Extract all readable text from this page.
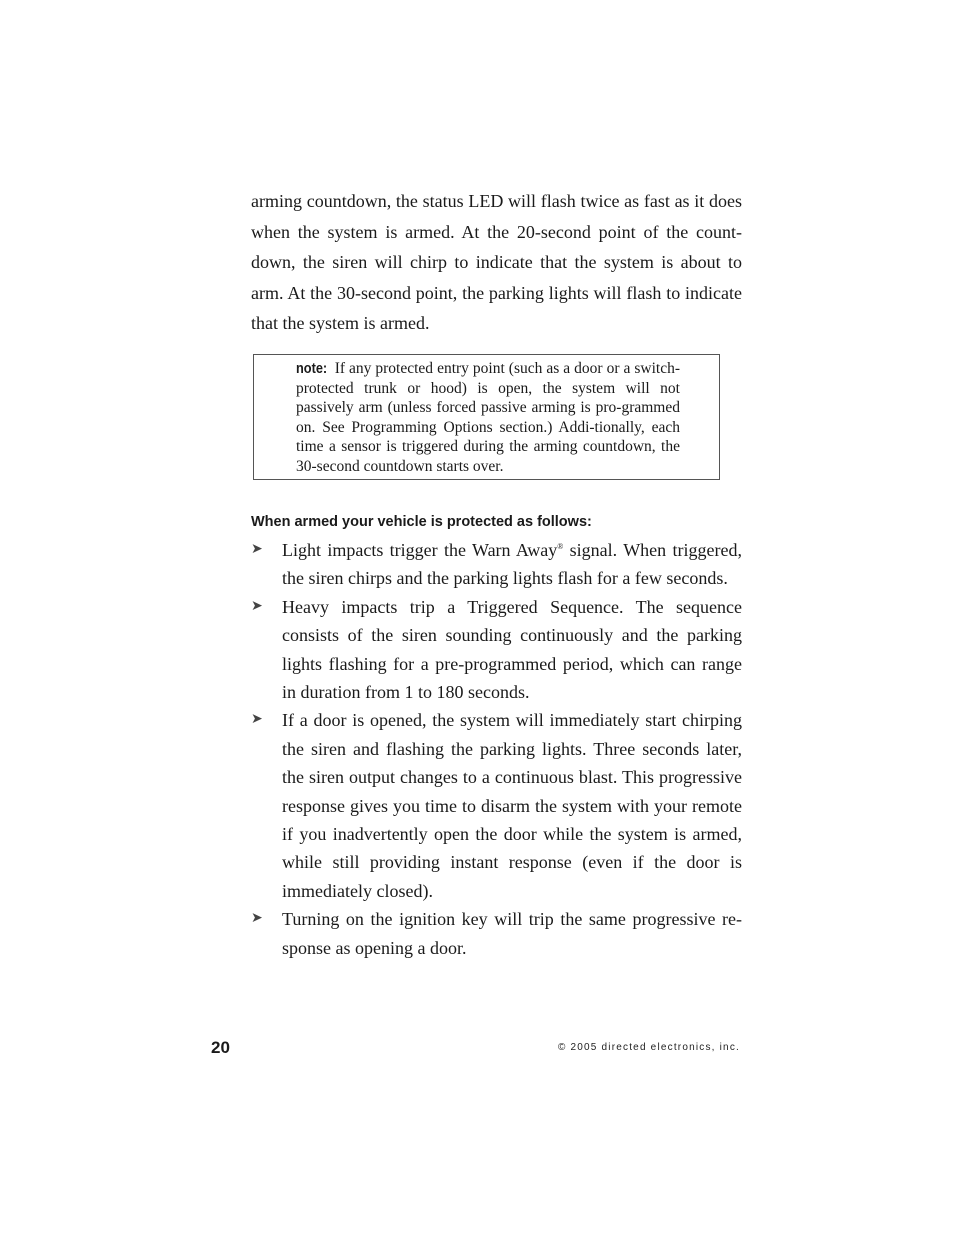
arming countdown, the status LED will flash twice as fast as it does when the system is armed. At the 20-second point of the count-down, the siren will chirp to indicate that the system is about to arm. At the 30-second point, the parking lights will flash to indicate that the system is armed.

note: If any protected entry point (such as a door or a switch-protected trunk or hood) is open, the system will not passively arm (unless forced passive arming is pro-grammed on. See Programming Options section.) Addi-tionally, each time a sensor is triggered during the arming countdown, the 30-second countdown starts over.

When armed your vehicle is protected as follows:
➤ Light impacts trigger the Warn Away® signal. When triggered, the siren chirps and the parking lights flash for a few seconds.
➤ Heavy impacts trip a Triggered Sequence. The sequence consists of the siren sounding continuously and the parking lights flashing for a pre-programmed period, which can range in duration from 1 to 180 seconds.
➤ If a door is opened, the system will immediately start chirping the siren and flashing the parking lights. Three seconds later, the siren output changes to a continuous blast. This progressive response gives you time to disarm the system with your remote if you inadvertently open the door while the system is armed, while still providing instant response (even if the door is immediately closed).
➤ Turning on the ignition key will trip the same progressive re-sponse as opening a door.

20	© 2005 directed electronics, inc.
